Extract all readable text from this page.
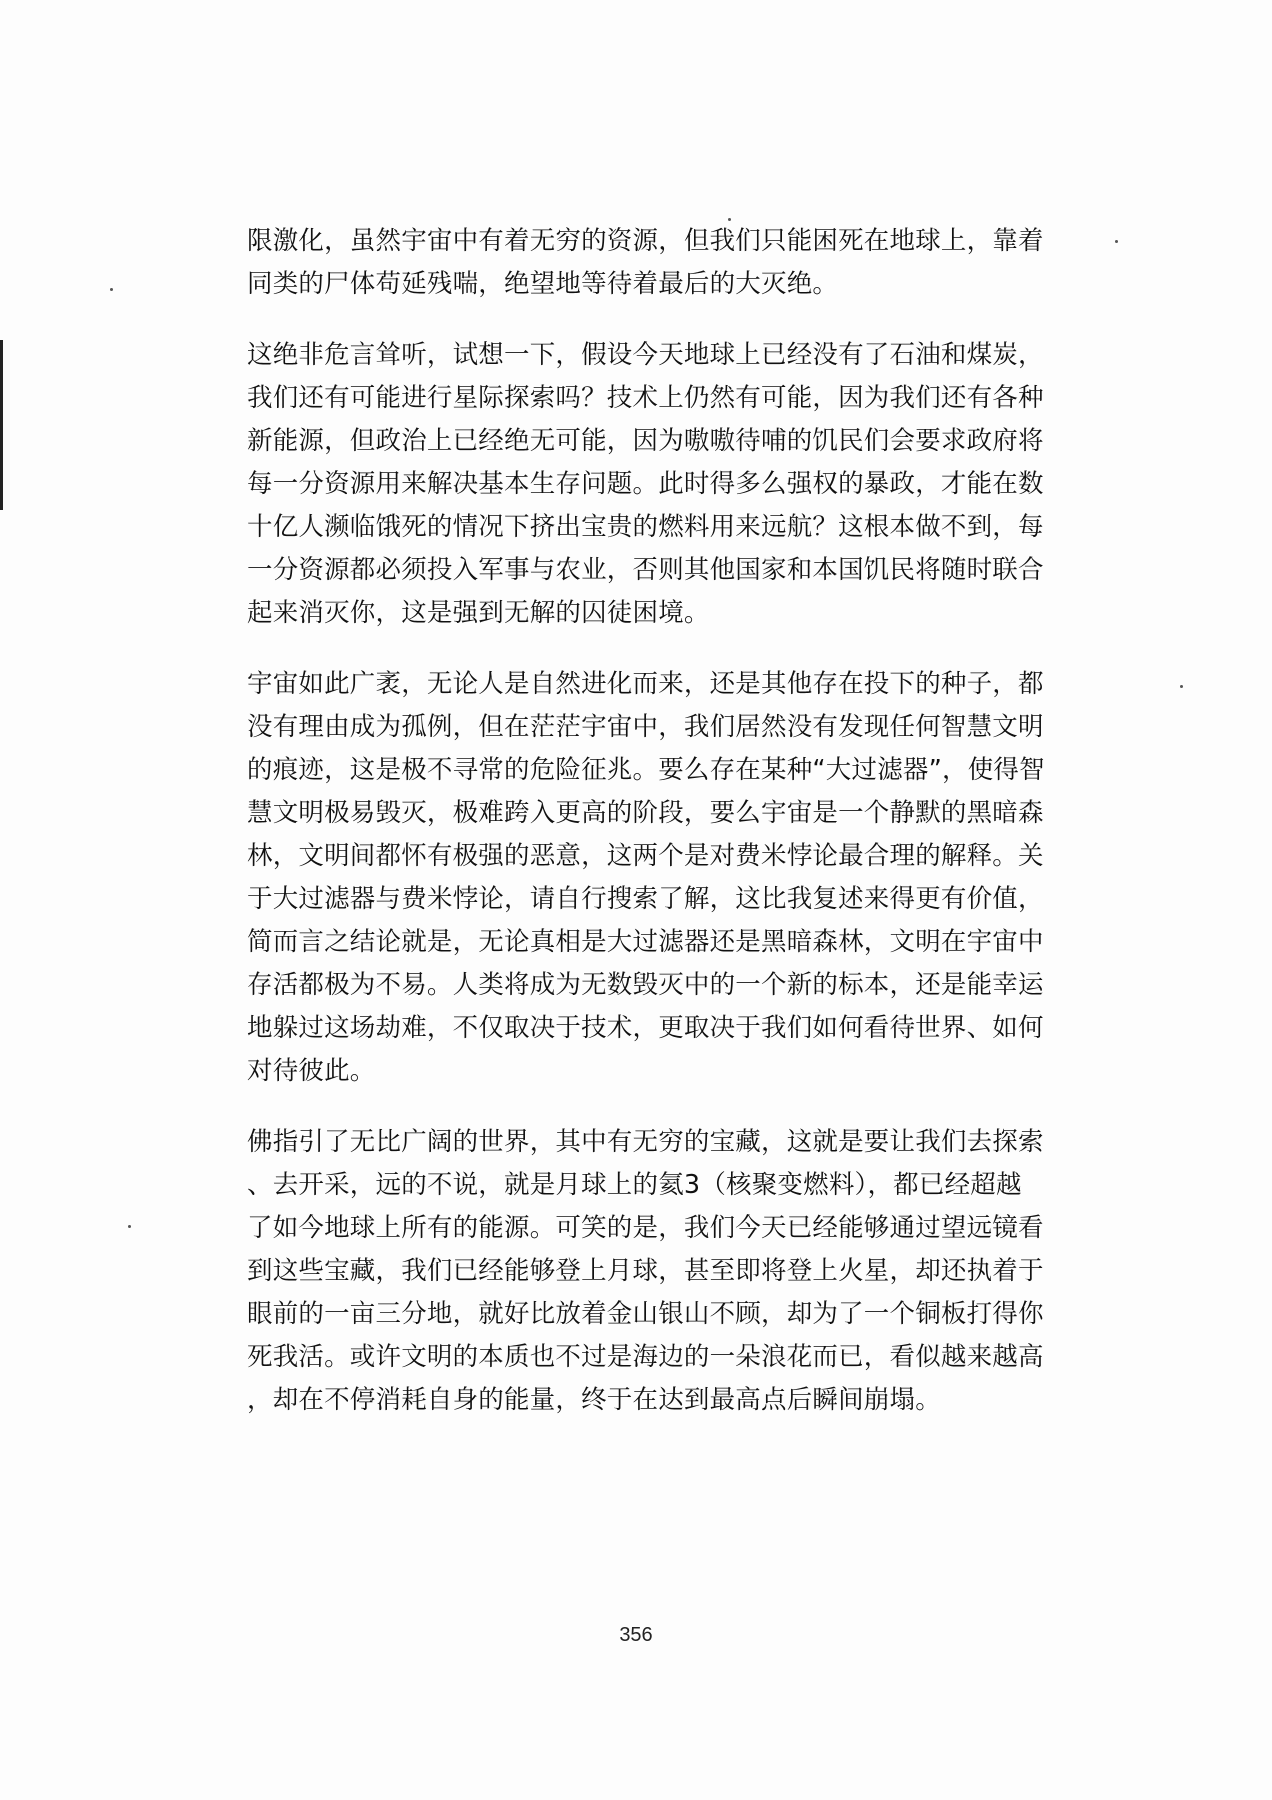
限激化，虽然宇宙中有着无穷的资源，但我们只能困死在地球上，靠着
同类的尸体苟延残喘，绝望地等待着最后的大灭绝。
这绝非危言耸听，试想一下，假设今天地球上已经没有了石油和煤炭，
我们还有可能进行星际探索吗？技术上仍然有可能，因为我们还有各种
新能源，但政治上已经绝无可能，因为嗷嗷待哺的饥民们会要求政府将
每一分资源用来解决基本生存问题。此时得多么强权的暴政，才能在数
十亿人濒临饿死的情况下挤出宝贵的燃料用来远航？这根本做不到，每
一分资源都必须投入军事与农业，否则其他国家和本国饥民将随时联合
起来消灭你，这是强到无解的囚徒困境。
宇宙如此广袤，无论人是自然进化而来，还是其他存在投下的种子，都
没有理由成为孤例，但在茫茫宇宙中，我们居然没有发现任何智慧文明
的痕迹，这是极不寻常的危险征兆。要么存在某种“大过滤器”，使得智
慧文明极易毁灭，极难跨入更高的阶段，要么宇宙是一个静默的黑暗森
林，文明间都怀有极强的恶意，这两个是对费米悖论最合理的解释。关
于大过滤器与费米悖论，请自行搜索了解，这比我复述来得更有价值，
简而言之结论就是，无论真相是大过滤器还是黑暗森林，文明在宇宙中
存活都极为不易。人类将成为无数毁灭中的一个新的标本，还是能幸运
地躲过这场劫难，不仅取决于技术，更取决于我们如何看待世界、如何
对待彼此。
佛指引了无比广阔的世界，其中有无穷的宝藏，这就是要让我们去探索
、去开采，远的不说，就是月球上的氦3（核聚变燃料），都已经超越
了如今地球上所有的能源。可笑的是，我们今天已经能够通过望远镜看
到这些宝藏，我们已经能够登上月球，甚至即将登上火星，却还执着于
眼前的一亩三分地，就好比放着金山银山不顾，却为了一个铜板打得你
死我活。或许文明的本质也不过是海边的一朵浪花而已，看似越来越高
，却在不停消耗自身的能量，终于在达到最高点后瞬间崩塌。
356
